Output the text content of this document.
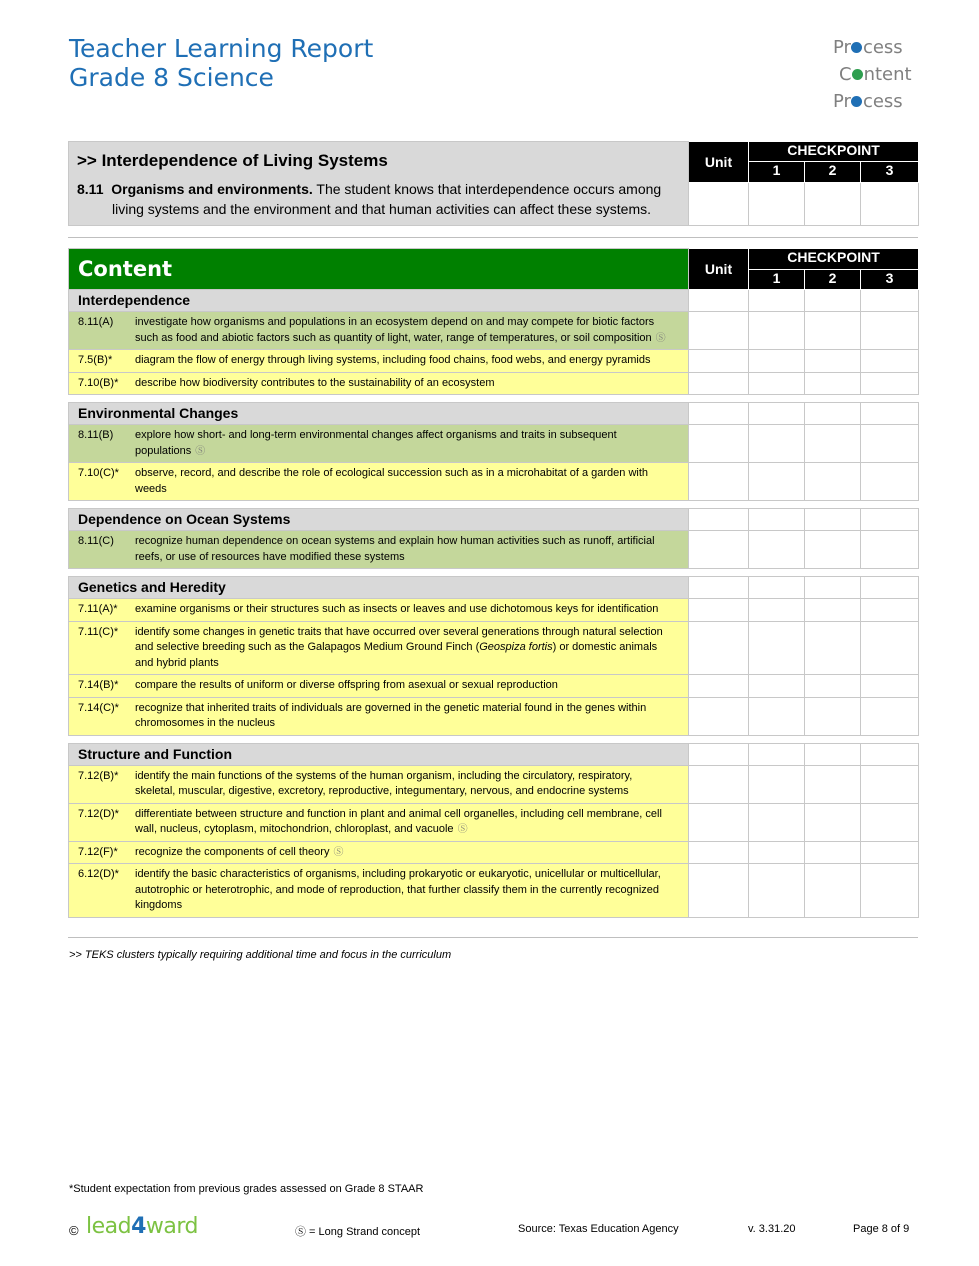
Teacher Learning Report
Grade 8 Science
Pr cess
C ntent
Pr cess
>> Interdependence of Living Systems
8.11 Organisms and environments. The student knows that interdependence occurs among living systems and the environment and that human activities can affect these systems.	Unit	CHECKPOINT		
		1	2	3

Content	Unit	CHECKPOINT		
		1	2	3
Interdependence				
8.11(A) investigate how organisms and populations in an ecosystem depend on and may compete for biotic factors such as food and abiotic factors such as quantity of light, water, range of temperatures, or soil composition Ⓢ				
7.5(B)* diagram the flow of energy through living systems, including food chains, food webs, and energy pyramids				
7.10(B)* describe how biodiversity contributes to the sustainability of an ecosystem				

Environmental Changes				
8.11(B) explore how short- and long-term environmental changes affect organisms and traits in subsequent populations Ⓢ				
7.10(C)* observe, record, and describe the role of ecological succession such as in a microhabitat of a garden with weeds				

Dependence on Ocean Systems				
8.11(C) recognize human dependence on ocean systems and explain how human activities such as runoff, artificial reefs, or use of resources have modified these systems				

Genetics and Heredity				
7.11(A)* examine organisms or their structures such as insects or leaves and use dichotomous keys for identification				
7.11(C)* identify some changes in genetic traits that have occurred over several generations through natural selection and selective breeding such as the Galapagos Medium Ground Finch (Geospiza fortis) or domestic animals and hybrid plants				
7.14(B)* compare the results of uniform or diverse offspring from asexual or sexual reproduction				
7.14(C)* recognize that inherited traits of individuals are governed in the genetic material found in the genes within chromosomes in the nucleus				

Structure and Function				
7.12(B)* identify the main functions of the systems of the human organism, including the circulatory, respiratory, skeletal, muscular, digestive, excretory, reproductive, integumentary, nervous, and endocrine systems				
7.12(D)* differentiate between structure and function in plant and animal cell organelles, including cell membrane, cell wall, nucleus, cytoplasm, mitochondrion, chloroplast, and vacuole Ⓢ				
7.12(F)* recognize the components of cell theory Ⓢ				
6.12(D)* identify the basic characteristics of organisms, including prokaryotic or eukaryotic, unicellular or multicellular, autotrophic or heterotrophic, and mode of reproduction, that further classify them in the currently recognized kingdoms				
>> TEKS clusters typically requiring additional time and focus in the curriculum
*Student expectation from previous grades assessed on Grade 8 STAAR
© lead4ward	Ⓢ = Long Strand concept	Source: Texas Education Agency	v. 3.31.20	Page 8 of 9
